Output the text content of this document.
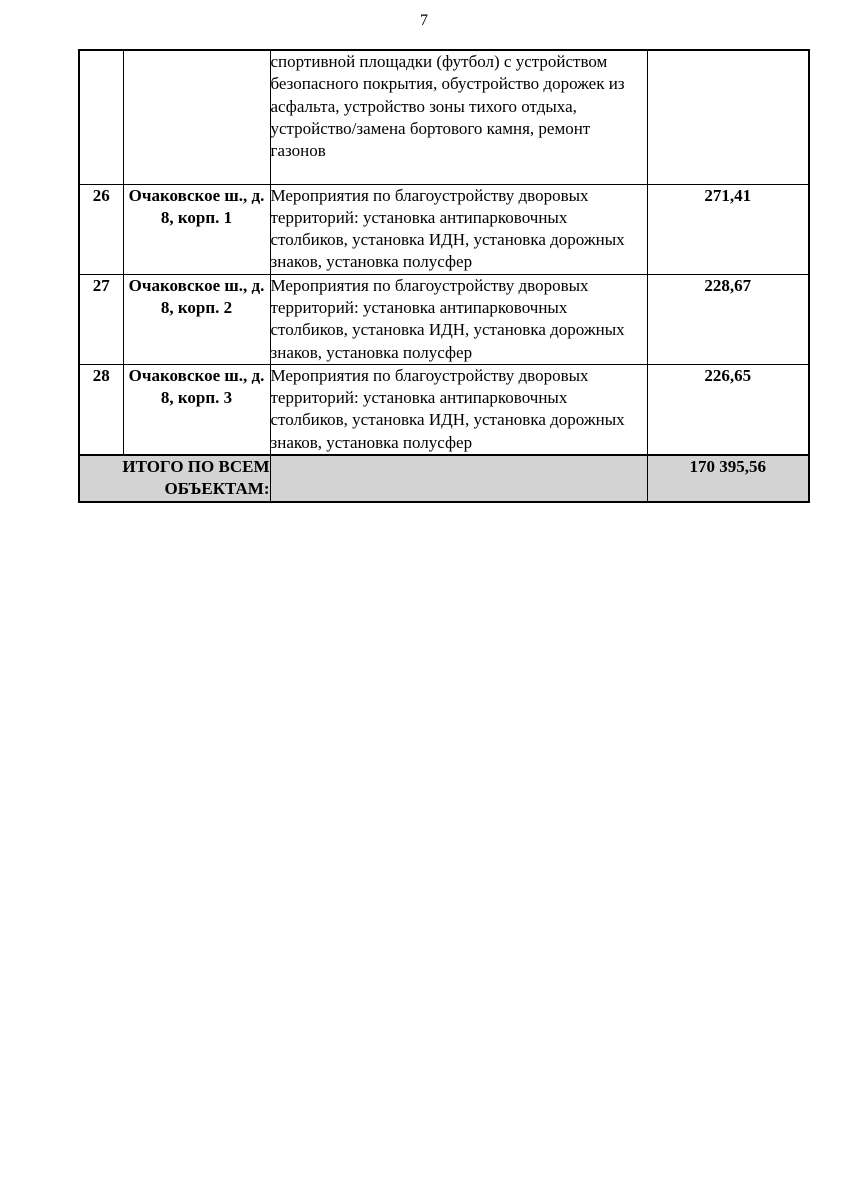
7
		спортивной площадки (футбол) с устройством безопасного покрытия, обустройство дорожек из асфальта, устройство зоны тихого отдыха, устройство/замена бортового камня, ремонт газонов	
26	Очаковское ш., д. 8, корп. 1	Мероприятия по благоустройству дворовых территорий: установка антипарковочных столбиков, установка ИДН, установка дорожных знаков, установка полусфер	271,41
27	Очаковское ш., д. 8, корп. 2	Мероприятия по благоустройству дворовых территорий: установка антипарковочных столбиков, установка ИДН, установка дорожных знаков, установка полусфер	228,67
28	Очаковское ш., д. 8, корп. 3	Мероприятия по благоустройству дворовых территорий: установка антипарковочных столбиков, установка ИДН, установка дорожных знаков, установка полусфер	226,65
ИТОГО ПО ВСЕМ ОБЪЕКТАМ:			170 395,56
